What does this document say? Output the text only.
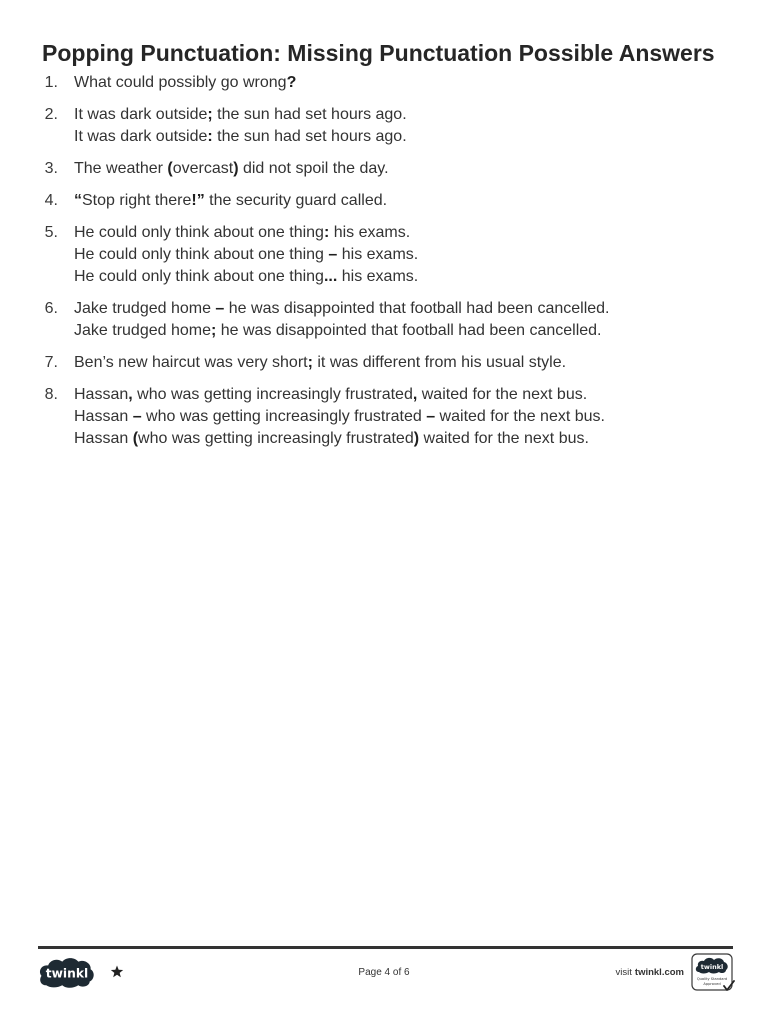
Popping Punctuation: Missing Punctuation Possible Answers
1. What could possibly go wrong?
2. It was dark outside; the sun had set hours ago.
It was dark outside: the sun had set hours ago.
3. The weather (overcast) did not spoil the day.
4. “Stop right there!” the security guard called.
5. He could only think about one thing: his exams.
He could only think about one thing – his exams.
He could only think about one thing... his exams.
6. Jake trudged home – he was disappointed that football had been cancelled.
Jake trudged home; he was disappointed that football had been cancelled.
7. Ben’s new haircut was very short; it was different from his usual style.
8. Hassan, who was getting increasingly frustrated, waited for the next bus.
Hassan – who was getting increasingly frustrated – waited for the next bus.
Hassan (who was getting increasingly frustrated) waited for the next bus.
twinkl	Page 4 of 6	visit twinkl.com	twinkl
Quality Standard
Approved
